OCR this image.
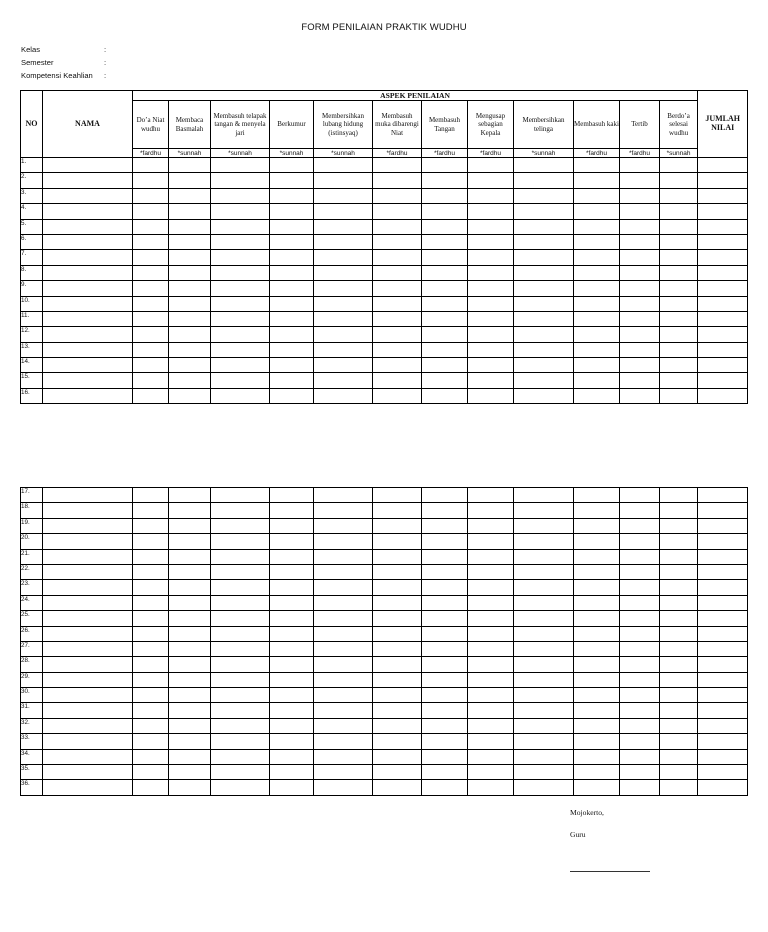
FORM PENILAIAN PRAKTIK WUDHU
Kelas	:
Semester	:
Kompetensi Keahlian :
NO	NAMA	ASPEK PENILAIAN												JUMLAH NILAI
		Do’a Niat wudhu	Membaca Basmalah	Membasuh telapak tangan & menyela jari	Berkumur	Membersihkan lubang hidung (istinsyaq)	Membasuh muka dibarengi Niat	Membasuh Tangan	Mengusap sebagian Kepala	Membersihkan telinga	Membasuh kaki	Tertib	Berdo’a selesai wudhu	
		*fardhu	*sunnah	*sunnah	*sunnah	*sunnah	*fardhu	*fardhu	*fardhu	*sunnah	*fardhu	*fardhu	*sunnah	
1.														
2.														
3.														
4.														
5.														
6.														
7.														
8.														
9.														
10.														
11.														
12.														
13.														
14.														
15.														
16.														
17.														
18.														
19.														
20.														
21.														
22.														
23.														
24.														
25.														
26.														
27.														
28.														
29.														
30.														
31.														
32.														
33.														
34.														
35.														
36.														
Mojokerto,
Guru
